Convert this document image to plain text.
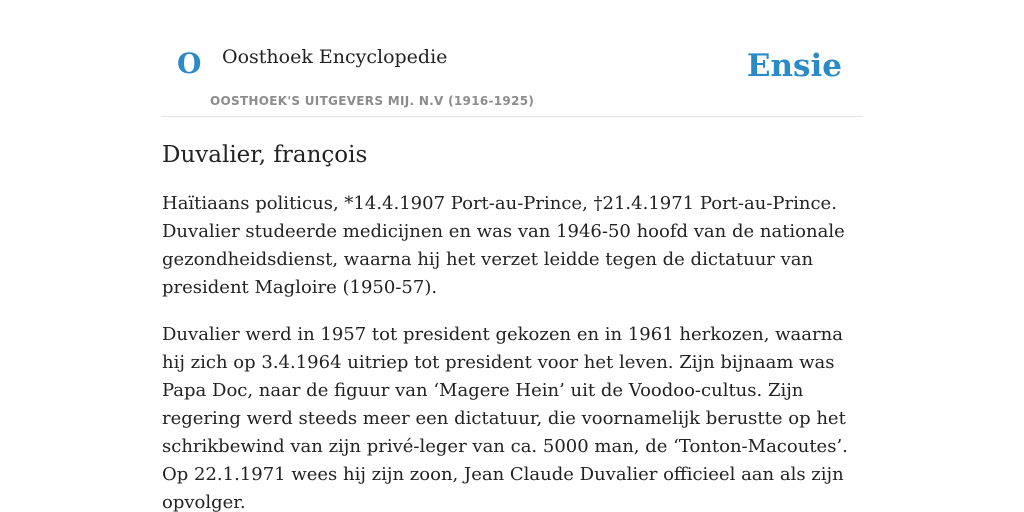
O Oosthoek Encyclopedie
OOSTHOEK'S UITGEVERS MIJ. N.V (1916-1925)
Ensie
Duvalier, françois

Haïtiaans politicus, *14.4.1907 Port-au-Prince, †21.4.1971 Port-au-Prince. Duvalier studeerde medicijnen en was van 1946-50 hoofd van de nationale gezondheidsdienst, waarna hij het verzet leidde tegen de dictatuur van president Magloire (1950-57).

Duvalier werd in 1957 tot president gekozen en in 1961 herkozen, waarna hij zich op 3.4.1964 uitriep tot president voor het leven. Zijn bijnaam was Papa Doc, naar de figuur van ‘Magere Hein’ uit de Voodoo-cultus. Zijn regering werd steeds meer een dictatuur, die voornamelijk berustte op het schrikbewind van zijn privé-leger van ca. 5000 man, de ‘Tonton-Macoutes’. Op 22.1.1971 wees hij zijn zoon, Jean Claude Duvalier officieel aan als zijn opvolger.
